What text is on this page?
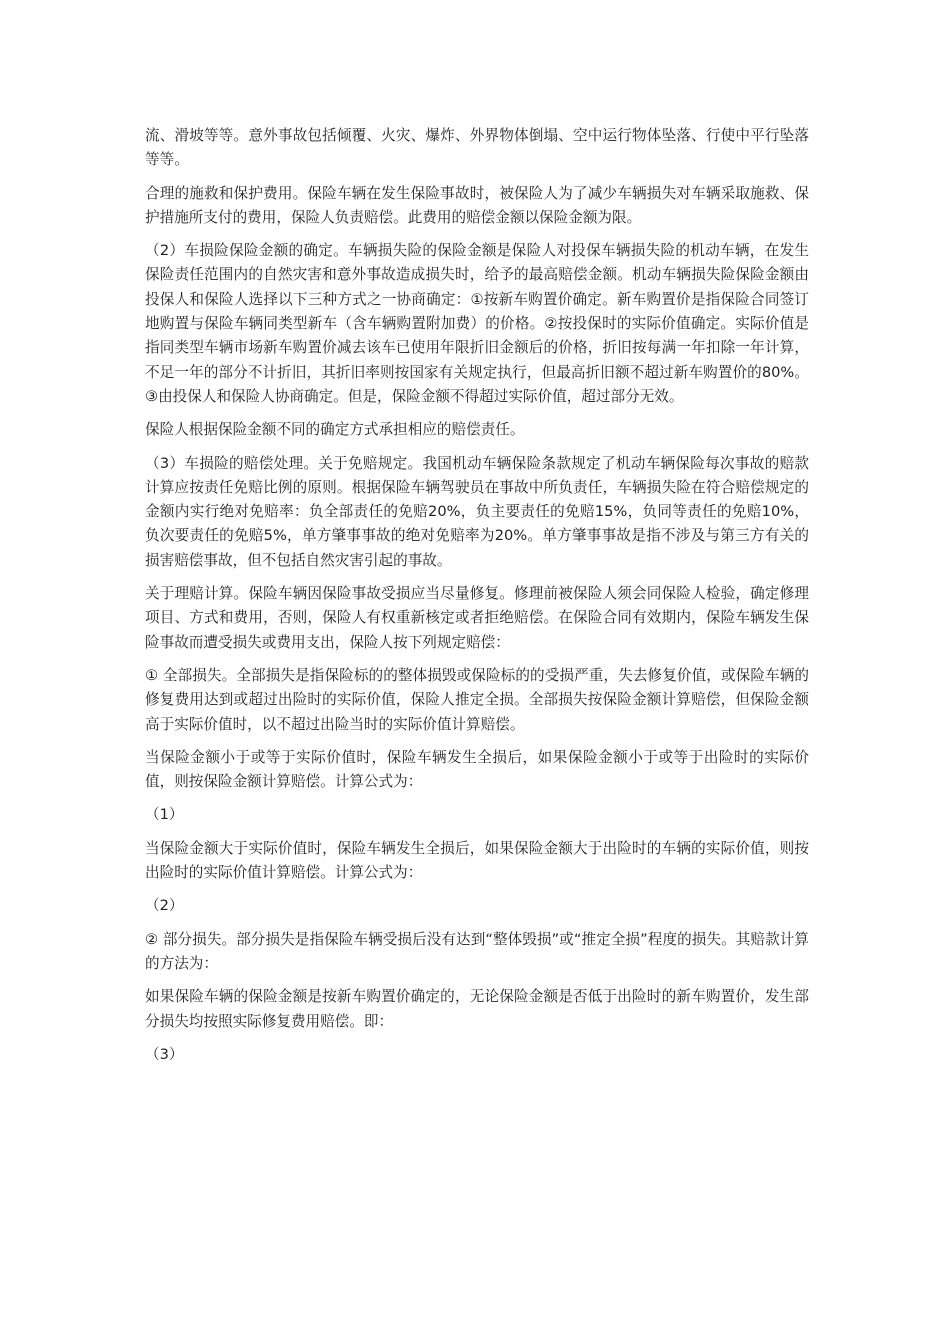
流、滑坡等等。意外事故包括倾覆、火灾、爆炸、外界物体倒塌、空中运行物体坠落、行使中平行坠落等等。

合理的施救和保护费用。保险车辆在发生保险事故时，被保险人为了减少车辆损失对车辆采取施救、保护措施所支付的费用，保险人负责赔偿。此费用的赔偿金额以保险金额为限。

（2）车损险保险金额的确定。车辆损失险的保险金额是保险人对投保车辆损失险的机动车辆，在发生保险责任范围内的自然灾害和意外事故造成损失时，给予的最高赔偿金额。机动车辆损失险保险金额由投保人和保险人选择以下三种方式之一协商确定：①按新车购置价确定。新车购置价是指保险合同签订地购置与保险车辆同类型新车（含车辆购置附加费）的价格。②按投保时的实际价值确定。实际价值是指同类型车辆市场新车购置价减去该车已使用年限折旧金额后的价格，折旧按每满一年扣除一年计算，不足一年的部分不计折旧，其折旧率则按国家有关规定执行，但最高折旧额不超过新车购置价的80%。③由投保人和保险人协商确定。但是，保险金额不得超过实际价值，超过部分无效。

保险人根据保险金额不同的确定方式承担相应的赔偿责任。

（3）车损险的赔偿处理。关于免赔规定。我国机动车辆保险条款规定了机动车辆保险每次事故的赔款计算应按责任免赔比例的原则。根据保险车辆驾驶员在事故中所负责任，车辆损失险在符合赔偿规定的金额内实行绝对免赔率：负全部责任的免赔20%，负主要责任的免赔15%，负同等责任的免赔10%，负次要责任的免赔5%，单方肇事事故的绝对免赔率为20%。单方肇事事故是指不涉及与第三方有关的损害赔偿事故，但不包括自然灾害引起的事故。

关于理赔计算。保险车辆因保险事故受损应当尽量修复。修理前被保险人须会同保险人检验，确定修理项目、方式和费用，否则，保险人有权重新核定或者拒绝赔偿。在保险合同有效期内，保险车辆发生保险事故而遭受损失或费用支出，保险人按下列规定赔偿：

① 全部损失。全部损失是指保险标的的整体损毁或保险标的的受损严重，失去修复价值，或保险车辆的修复费用达到或超过出险时的实际价值，保险人推定全损。全部损失按保险金额计算赔偿，但保险金额高于实际价值时，以不超过出险当时的实际价值计算赔偿。

当保险金额小于或等于实际价值时，保险车辆发生全损后，如果保险金额小于或等于出险时的实际价值，则按保险金额计算赔偿。计算公式为：

（1）

当保险金额大于实际价值时，保险车辆发生全损后，如果保险金额大于出险时的车辆的实际价值，则按出险时的实际价值计算赔偿。计算公式为：

（2）

② 部分损失。部分损失是指保险车辆受损后没有达到“整体毁损”或“推定全损”程度的损失。其赔款计算的方法为：

如果保险车辆的保险金额是按新车购置价确定的，无论保险金额是否低于出险时的新车购置价，发生部分损失均按照实际修复费用赔偿。即：

（3）
